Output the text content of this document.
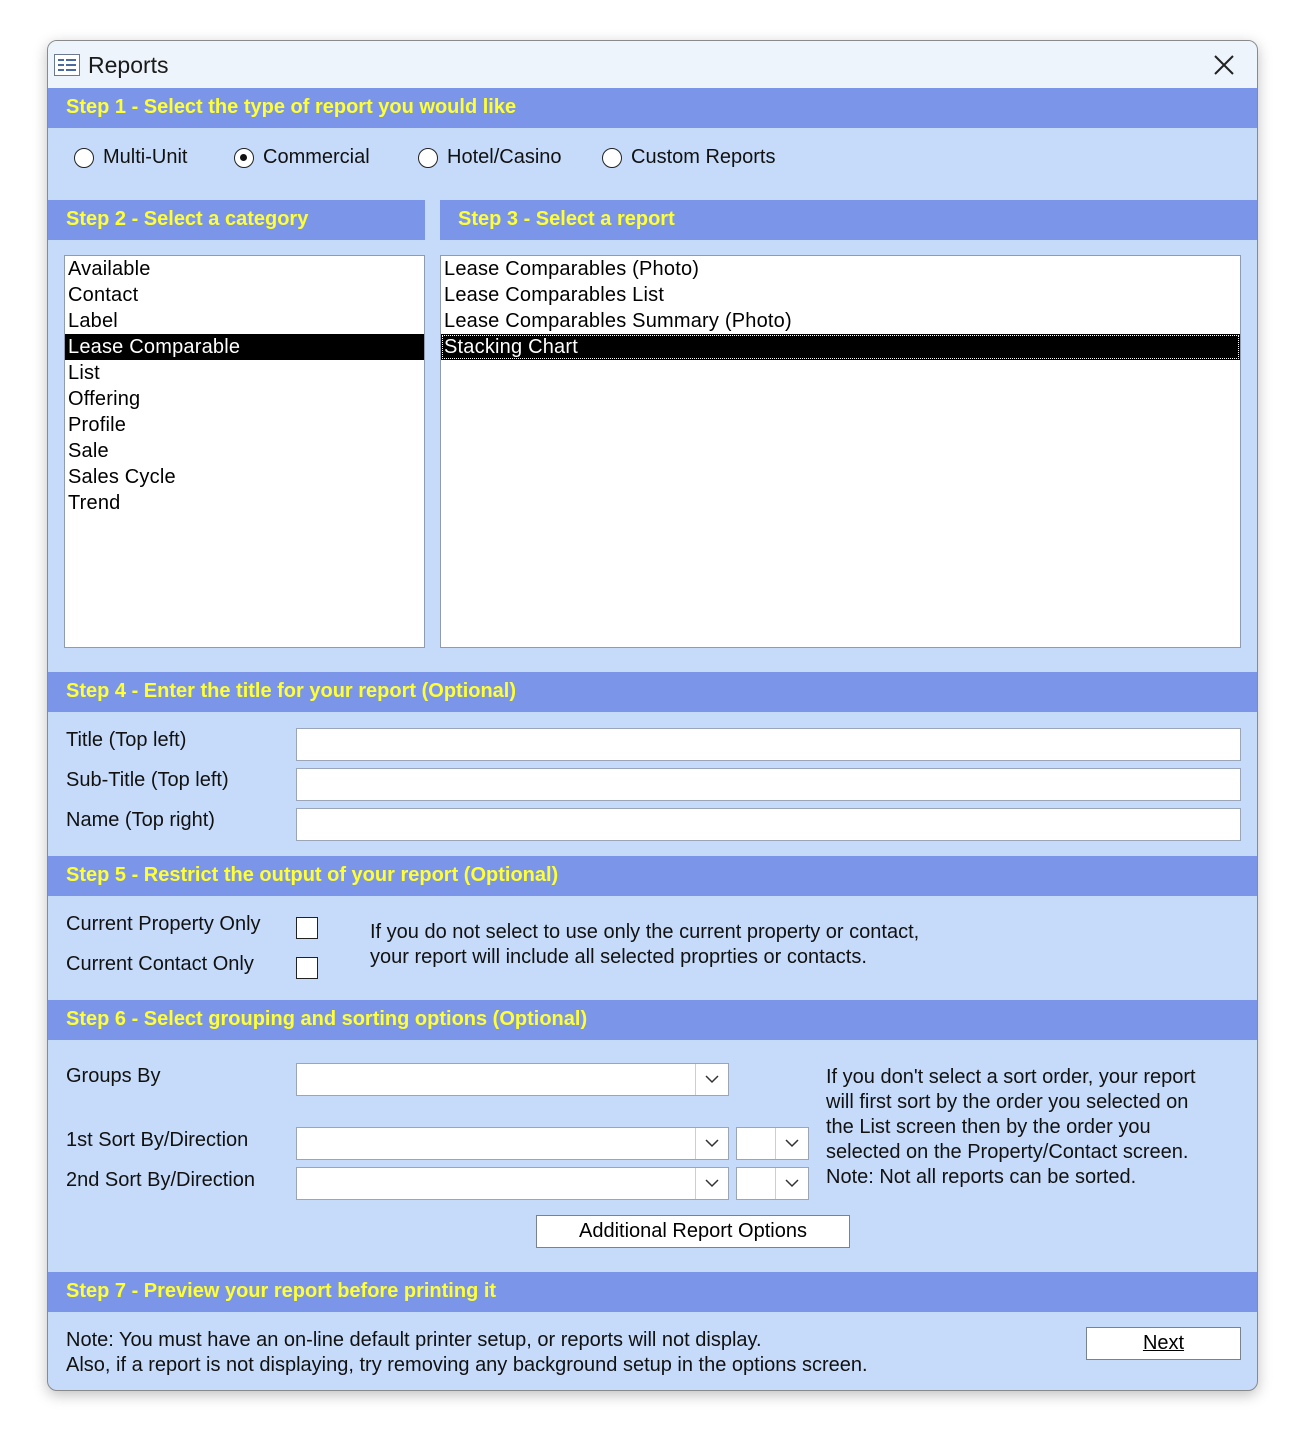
Reports
Step 1 - Select the type of report you would like
Multi-Unit	Commercial	Hotel/Casino	Custom Reports
Step 2 - Select a category	Step 3 - Select a report
Available
Contact
Label
Lease Comparable
List
Offering
Profile
Sale
Sales Cycle
Trend
Lease Comparables (Photo)
Lease Comparables List
Lease Comparables Summary (Photo)
Stacking Chart
Step 4 - Enter the title for your report (Optional)
Title (Top left)
Sub-Title (Top left)
Name (Top right)
Step 5 - Restrict the output of your report (Optional)
Current Property Only
Current Contact Only
If you do not select to use only the current property or contact,
your report will include all selected proprties or contacts.
Step 6 - Select grouping and sorting options (Optional)
Groups By
1st Sort By/Direction
2nd Sort By/Direction
If you don't select a sort order, your report
will first sort by the order you selected on
the List screen then by the order you
selected on the Property/Contact screen.
Note: Not all reports can be sorted.
Additional Report Options
Step 7 - Preview your report before printing it
Note: You must have an on-line default printer setup, or reports will not display.
Also, if a report is not displaying, try removing any background setup in the options screen.
Next
